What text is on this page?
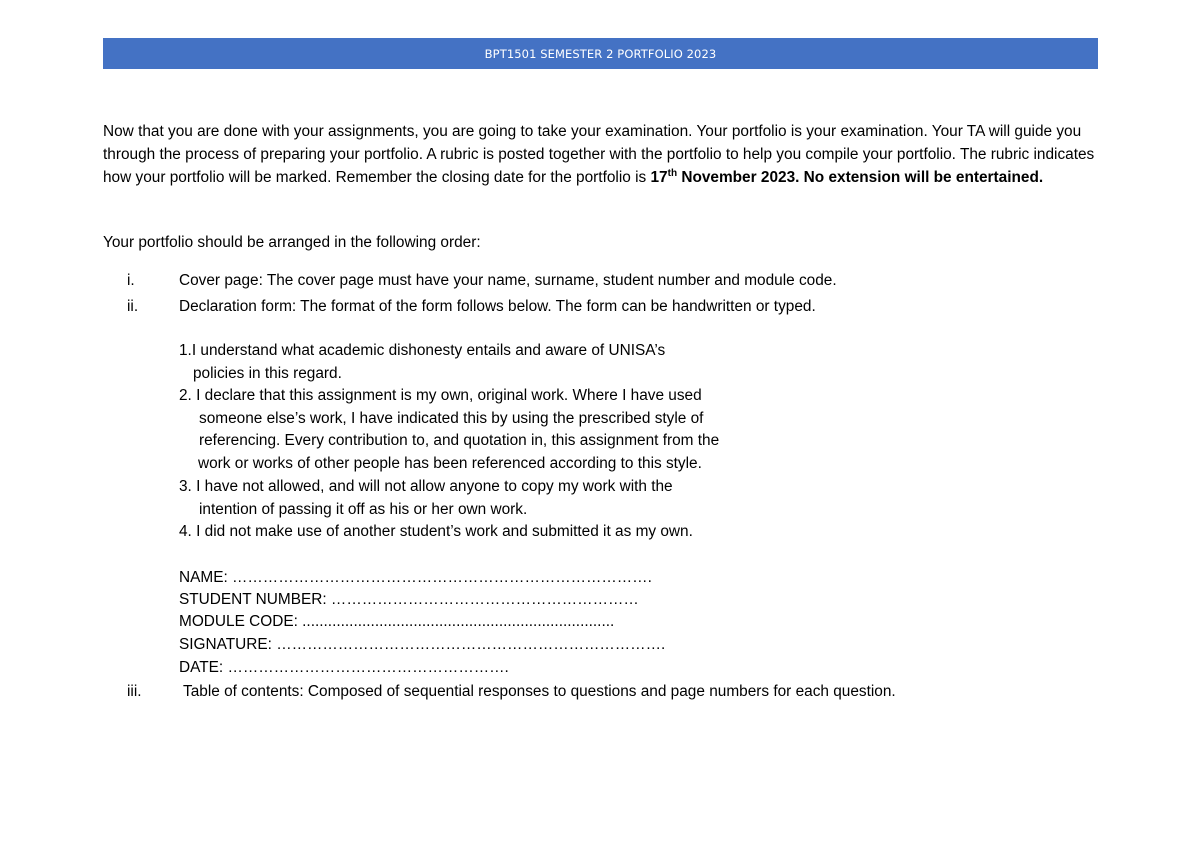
BPT1501 SEMESTER 2 PORTFOLIO 2023

Now that you are done with your assignments, you are going to take your examination. Your portfolio is your examination. Your TA will guide you through the process of preparing your portfolio. A rubric is posted together with the portfolio to help you compile your portfolio. The rubric indicates how your portfolio will be marked. Remember the closing date for the portfolio is 17th November 2023. No extension will be entertained.

Your portfolio should be arranged in the following order:

i.	Cover page: The cover page must have your name, surname, student number and module code.
ii.	Declaration form: The format of the form follows below. The form can be handwritten or typed.
1.I understand what academic dishonesty entails and aware of UNISA’s
policies in this regard.
2. I declare that this assignment is my own, original work. Where I have used
someone else’s work, I have indicated this by using the prescribed style of
referencing. Every contribution to, and quotation in, this assignment from the
work or works of other people has been referenced according to this style.
3. I have not allowed, and will not allow anyone to copy my work with the
intention of passing it off as his or her own work.
4. I did not make use of another student’s work and submitted it as my own.
NAME: ……………………………………………………………………….
STUDENT NUMBER: ……………………………………………………
MODULE CODE: .........................................................................
SIGNATURE: ………………………………………………………………….
DATE: ……………………………………………….
iii.	Table of contents: Composed of sequential responses to questions and page numbers for each question.
